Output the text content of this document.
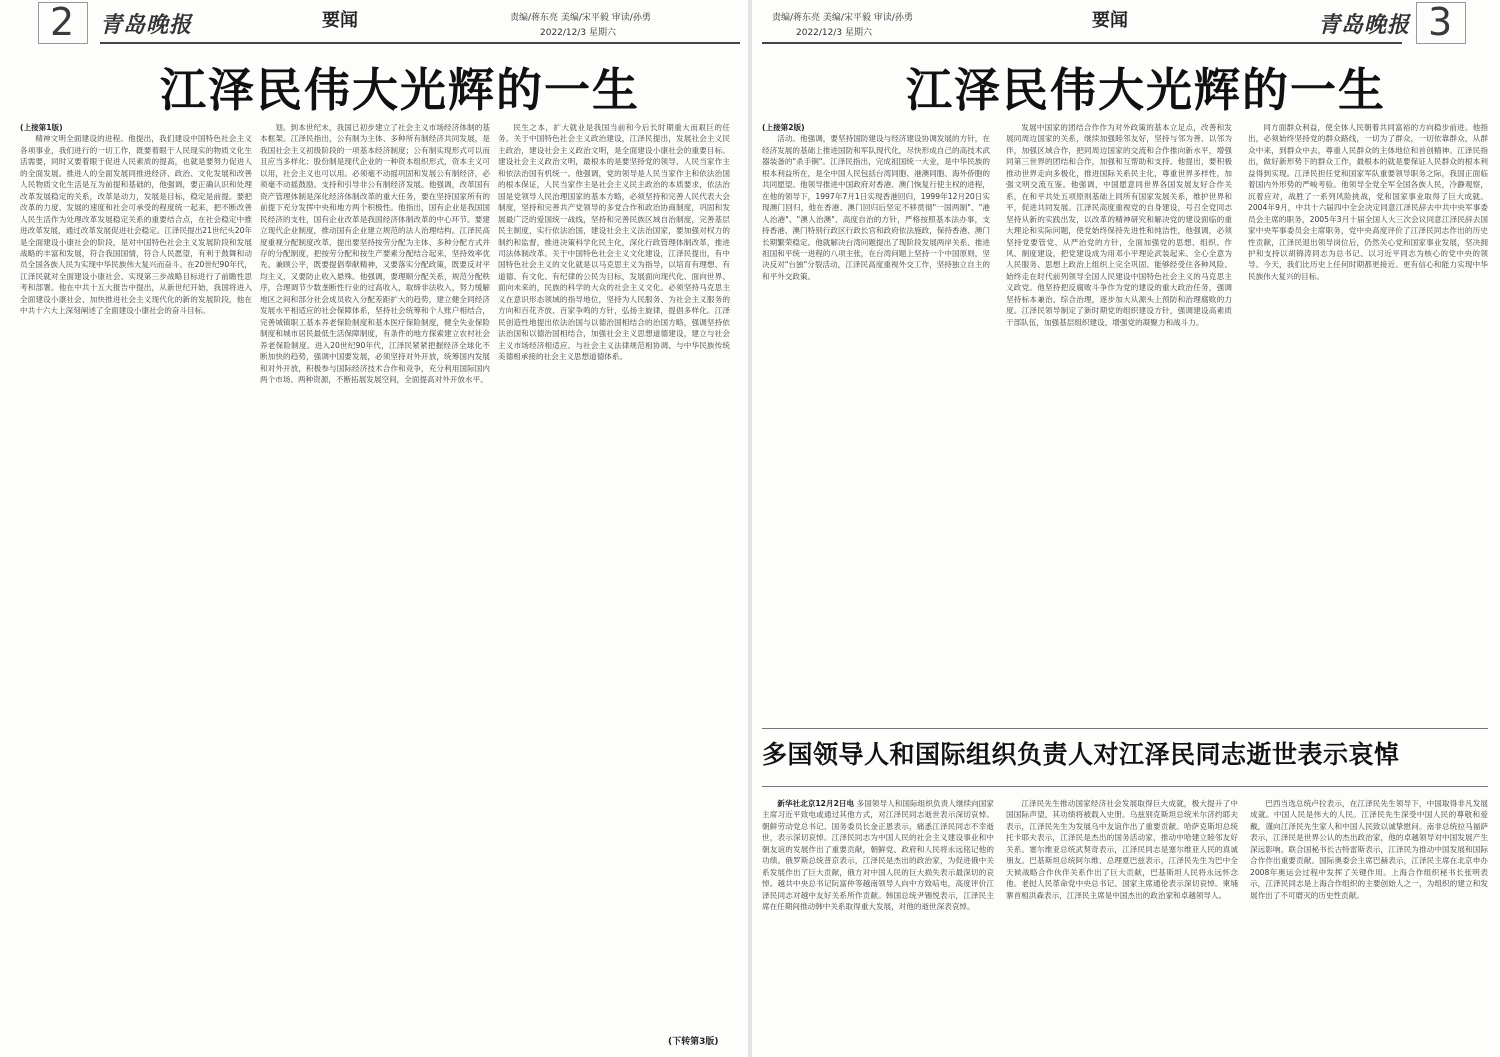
2 青岛晚报	要闻	责编/蒋东亮 美编/宋平毅 审读/孙勇
2022/12/3 星期六
江泽民伟大光辉的一生

(上接第1版)

精神文明全面建设的进程。他提出，我们建设中国特色社会主义各项事业，我们进行的一切工作，既要着眼于人民现实的物质文化生活需要，同时又要着眼于促进人民素质的提高，也就是要努力促进人的全面发展。推进人的全面发展同推进经济、政治、文化发展和改善人民物质文化生活是互为前提和基础的，他强调，要正确认识和处理改革发展稳定的关系，改革是动力，发展是目标，稳定是前提。要把改革的力度、发展的速度和社会可承受的程度统一起来，把不断改善人民生活作为处理改革发展稳定关系的重要结合点，在社会稳定中推进改革发展，通过改革发展促进社会稳定。江泽民提出21世纪头20年是全面建设小康社会的阶段，是对中国特色社会主义发展阶段和发展战略的丰富和发展，符合我国国情，符合人民愿望，有利于鼓舞和动员全国各族人民为实现中华民族伟大复兴而奋斗。在20世纪90年代，江泽民就对全面建设小康社会、实现第三步战略目标进行了前瞻性思考和部署。他在中共十五大报告中提出，从新世纪开始，我国将进入全面建设小康社会、加快推进社会主义现代化的新的发展阶段，他在中共十六大上深刻阐述了全面建设小康社会的奋斗目标。

划。到本世纪末，我国已初步建立了社会主义市场经济体制的基本框架。江泽民指出，公有制为主体、多种所有制经济共同发展，是我国社会主义初级阶段的一项基本经济制度；公有制实现形式可以而且应当多样化；股份制是现代企业的一种资本组织形式，资本主义可以用，社会主义也可以用。必须毫不动摇巩固和发展公有制经济，必须毫不动摇鼓励、支持和引导非公有制经济发展。他强调，改革国有资产管理体制是深化经济体制改革的重大任务，要在坚持国家所有的前提下充分发挥中央和地方两个积极性。他指出，国有企业是我国国民经济的支柱，国有企业改革是我国经济体制改革的中心环节。要建立现代企业制度，推动国有企业建立规范的法人治理结构。江泽民高度重视分配制度改革，提出要坚持按劳分配为主体、多种分配方式并存的分配制度，把按劳分配和按生产要素分配结合起来，坚持效率优先、兼顾公平，既要提倡奉献精神，又要落实分配政策，既要反对平均主义，又要防止收入悬殊。他强调，要理顺分配关系，规范分配秩序，合理调节少数垄断性行业的过高收入，取缔非法收入，努力缓解地区之间和部分社会成员收入分配差距扩大的趋势，建立健全同经济发展水平相适应的社会保障体系，坚持社会统筹和个人账户相结合，完善城镇职工基本养老保险制度和基本医疗保险制度，健全失业保险制度和城市居民最低生活保障制度，有条件的地方探索建立农村社会养老保险制度。进入20世纪90年代，江泽民紧紧把握经济全球化不断加快的趋势，强调中国要发展，必须坚持对外开放，统筹国内发展和对外开放，积极参与国际经济技术合作和竞争，充分利用国际国内两个市场、两种资源，不断拓展发展空间，全面提高对外开放水平。

民生之本，扩大就业是我国当前和今后长时期重大而艰巨的任务。关于中国特色社会主义政治建设，江泽民提出，发展社会主义民主政治，建设社会主义政治文明，是全面建设小康社会的重要目标。建设社会主义政治文明，最根本的是要坚持党的领导、人民当家作主和依法治国有机统一。他强调，党的领导是人民当家作主和依法治国的根本保证，人民当家作主是社会主义民主政治的本质要求，依法治国是党领导人民治理国家的基本方略，必须坚持和完善人民代表大会制度，坚持和完善共产党领导的多党合作和政治协商制度，巩固和发展最广泛的爱国统一战线，坚持和完善民族区域自治制度，完善基层民主制度，实行依法治国，建设社会主义法治国家，要加强对权力的制约和监督，推进决策科学化民主化，深化行政管理体制改革，推进司法体制改革。关于中国特色社会主义文化建设，江泽民提出，有中国特色社会主义的文化就是以马克思主义为指导，以培育有理想、有道德、有文化、有纪律的公民为目标，发展面向现代化、面向世界、面向未来的，民族的科学的大众的社会主义文化。必须坚持马克思主义在意识形态领域的指导地位，坚持为人民服务、为社会主义服务的方向和百花齐放、百家争鸣的方针，弘扬主旋律，提倡多样化。江泽民创造性地提出依法治国与以德治国相结合的治国方略，强调坚持依法治国和以德治国相结合，加强社会主义思想道德建设，建立与社会主义市场经济相适应、与社会主义法律规范相协调、与中华民族传统美德相承接的社会主义思想道德体系。

责编/蒋东亮 美编/宋平毅 审读/孙勇
2022/12/3 星期六
要闻	青岛晚报 3
江泽民伟大光辉的一生

(上接第2版)

活动。他强调，要坚持国防建设与经济建设协调发展的方针，在经济发展的基础上推进国防和军队现代化，尽快形成自己的高技术武器装备的"杀手锏"。江泽民指出，完成祖国统一大业，是中华民族的根本利益所在，是全中国人民包括台湾同胞、港澳同胞、海外侨胞的共同愿望。他领导推进中国政府对香港、澳门恢复行使主权的进程，在他的领导下，1997年7月1日实现香港回归，1999年12月20日实现澳门回归，他在香港、澳门回归后坚定不移贯彻"一国两制"、"港人治港"、"澳人治澳"、高度自治的方针，严格按照基本法办事，支持香港、澳门特别行政区行政长官和政府依法施政，保持香港、澳门长期繁荣稳定。他就解决台湾问题提出了现阶段发展两岸关系、推进祖国和平统一进程的八项主张，在台湾问题上坚持一个中国原则，坚决反对"台独"分裂活动，江泽民高度重视外交工作，坚持独立自主的和平外交政策。

发展中国家的团结合作作为对外政策的基本立足点，改善和发展同周边国家的关系，继续加强睦邻友好，坚持与邻为善、以邻为伴，加强区域合作，把同周边国家的交流和合作推向新水平，增强同第三世界的团结和合作，加强和互帮助和支持。他提出，要积极推动世界走向多极化，推进国际关系民主化，尊重世界多样性，加强文明交流互鉴。他强调，中国愿意同世界各国发展友好合作关系，在和平共处五项原则基础上同所有国家发展关系，维护世界和平，促进共同发展。江泽民高度重视党的自身建设，号召全党同志坚持从新的实践出发，以改革的精神研究和解决党的建设面临的重大理论和实际问题，使党始终保持先进性和纯洁性，他强调，必须坚持党要管党、从严治党的方针，全面加强党的思想、组织、作风、制度建设，把党建设成为用邓小平理论武装起来、全心全意为人民服务、思想上政治上组织上完全巩固、能够经受住各种风险、始终走在时代前列领导全国人民建设中国特色社会主义的马克思主义政党。他坚持把反腐败斗争作为党的建设的重大政治任务，强调坚持标本兼治、综合治理，逐步加大从源头上预防和治理腐败的力度。江泽民领导制定了新时期党的组织建设方针，强调建设高素质干部队伍，加强基层组织建设，增强党的凝聚力和战斗力。

同方面群众利益，使全体人民朝着共同富裕的方向稳步前进。他指出，必须始终坚持党的群众路线，一切为了群众，一切依靠群众，从群众中来，到群众中去，尊重人民群众的主体地位和首创精神。江泽民指出，做好新形势下的群众工作，最根本的就是要保证人民群众的根本利益得到实现。江泽民担任党和国家军队重要领导职务之际，我国正面临着国内外形势的严峻考验。他领导全党全军全国各族人民，冷静观察，沉着应对，战胜了一系列风险挑战，党和国家事业取得了巨大成就。2004年9月，中共十六届四中全会决定同意江泽民辞去中共中央军事委员会主席的职务，2005年3月十届全国人大三次会议同意江泽民辞去国家中央军事委员会主席职务，党中央高度评价了江泽民同志作出的历史性贡献，江泽民退出领导岗位后，仍然关心党和国家事业发展，坚决拥护和支持以胡锦涛同志为总书记、以习近平同志为核心的党中央的领导。今天，我们比历史上任何时期都更接近、更有信心和能力实现中华民族伟大复兴的目标。

多国领导人和国际组织负责人对江泽民同志逝世表示哀悼

新华社北京12月2日电 多国领导人和国际组织负责人继续向国家主席习近平致电或通过其他方式，对江泽民同志逝世表示深切哀悼。朝鲜劳动党总书记、国务委员长金正恩表示，痛悉江泽民同志不幸逝世，表示深切哀悼。江泽民同志为中国人民的社会主义建设事业和中朝友谊的发展作出了重要贡献，朝鲜党、政府和人民将永远铭记他的功绩。俄罗斯总统普京表示，江泽民是杰出的政治家，为促进俄中关系发展作出了巨大贡献，俄方对中国人民的巨大损失表示最深切的哀悼。越共中央总书记阮富仲等越南领导人向中方致唁电，高度评价江泽民同志对越中友好关系所作贡献。韩国总统尹锡悦表示，江泽民主席在任期间推动韩中关系取得重大发展，对他的逝世深表哀悼。

江泽民先生推动国家经济社会发展取得巨大成就，极大提升了中国国际声望，其功绩将被载入史册。乌兹别克斯坦总统米尔济约耶夫表示，江泽民先生为发展乌中友谊作出了重要贡献。哈萨克斯坦总统托卡耶夫表示，江泽民是杰出的国务活动家，推动中哈建立睦邻友好关系。塞尔维亚总统武契奇表示，江泽民同志是塞尔维亚人民的真诚朋友。巴基斯坦总统阿尔维、总理夏巴兹表示，江泽民先生为巴中全天候战略合作伙伴关系作出了巨大贡献，巴基斯坦人民将永远怀念他。老挝人民革命党中央总书记、国家主席通伦表示深切哀悼。柬埔寨首相洪森表示，江泽民主席是中国杰出的政治家和卓越领导人。

巴西当选总统卢拉表示，在江泽民先生领导下，中国取得非凡发展成就。中国人民是伟大的人民。江泽民先生深受中国人民的尊敬和爱戴，谨向江泽民先生家人和中国人民致以诚挚慰问。南非总统拉马福萨表示，江泽民是世界公认的杰出政治家，他的卓越领导对中国发展产生深远影响。联合国秘书长古特雷斯表示，江泽民为推动中国发展和国际合作作出重要贡献。国际奥委会主席巴赫表示，江泽民主席在北京申办2008年奥运会过程中发挥了关键作用。上海合作组织秘书长张明表示，江泽民同志是上海合作组织的主要创始人之一，为组织的建立和发展作出了不可磨灭的历史性贡献。

(下转第3版)
